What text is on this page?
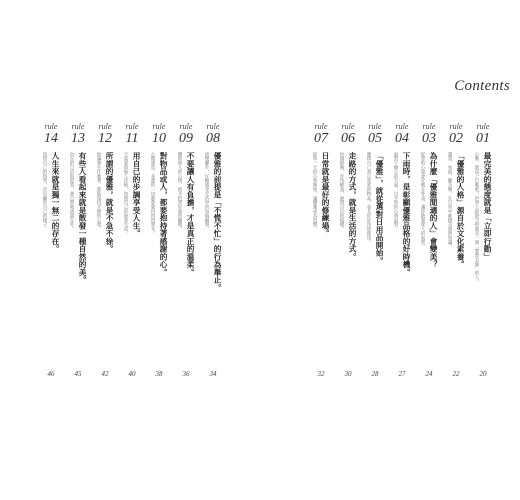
Contents
rule
01
最完美的態度就是「立即行動」
心動，就馬上行動吧！世界上最缺乏的就是一個「實際去做」的人。
20
rule
02
「優雅的人格」源自於文化素養。
讀書、看展、聽音樂，在日常中累積美感與知識。
22
rule
03
為什麼「優雅閒適的人」會變美？
從容的心境會反映在外表，讓你散發迷人的氣質。
24
rule
04
下雨時，是彰顯優雅品格的好時機。
面對不順心的天氣，以平和的心情面對。
27
rule
05
「優雅」，就從選對日用品開始。
選擇自己真正喜愛的物品，並且好好珍惜使用。
28
rule
06
走路的方式，就是生活的方式。
抬頭挺胸、步伐輕盈，展現自信的模樣。
30
rule
07
日常就是最好的修練場。
從每一天的小事開始，讓優雅成為習慣。
32
rule
08
優雅的前提是「不慌不忙」的行為舉止。
放慢腳步，仔細感受生活中的每個瞬間。
34
rule
09
不要讓人有負擔，才是真正的溫柔。
體貼他人的心情，給予恰到好處的關懷。
36
rule
10
對物品或人，都要抱持著感謝的心。
心懷感恩，身邊的一切都會變得閃閃發光。
38
rule
11
用自己的步調享受人生。
不需要與他人比較，按照自己的節奏生活。
40
rule
12
所謂的優雅，就是不急不徐。
無論發生什麼事，都能保持平穩的心境。
42
rule
13
有些人看起來就是散發一種自然的美。
內在的自信與從容，會自然地流露在外。
45
rule
14
人生來就是獨一無二的存在。
珍惜自己的特質，活出屬於自己的樣子。
46
